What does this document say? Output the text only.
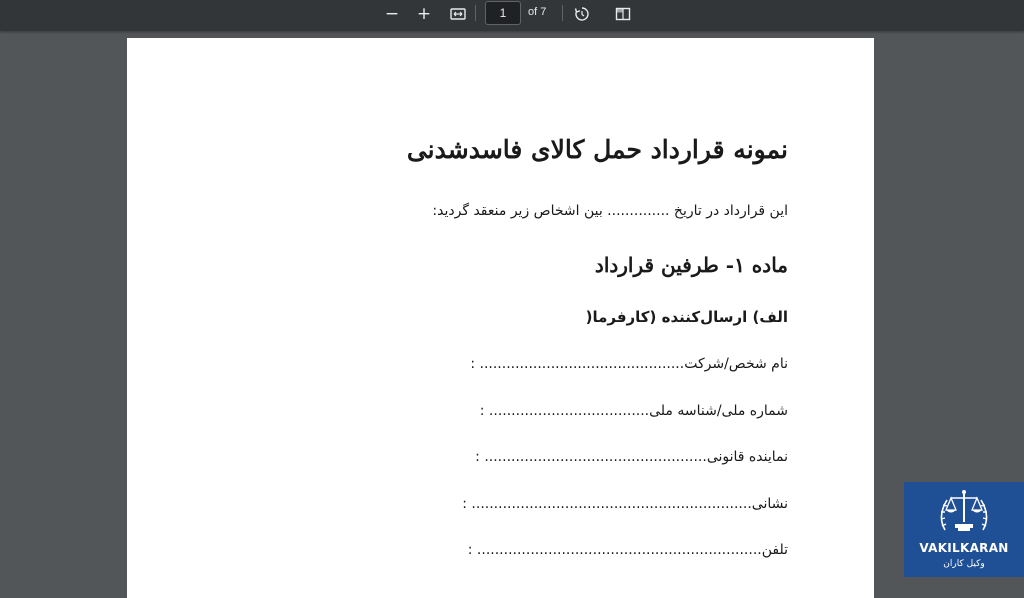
− +
1	of 7
نمونه قرارداد حمل کالای فاسدشدنی
این قرارداد در تاریخ .............. بین اشخاص زیر منعقد گردید:
ماده ۱- طرفین قرارداد
الف) ارسال‌کننده (کارفرما(
نام شخص/شرکت.............................................. :
شماره ملی/شناسه ملی.................................... :
نماینده قانونی.................................................. :
نشانی............................................................... :
تلفن................................................................ :	VAKILKARAN
وکیل کاران
